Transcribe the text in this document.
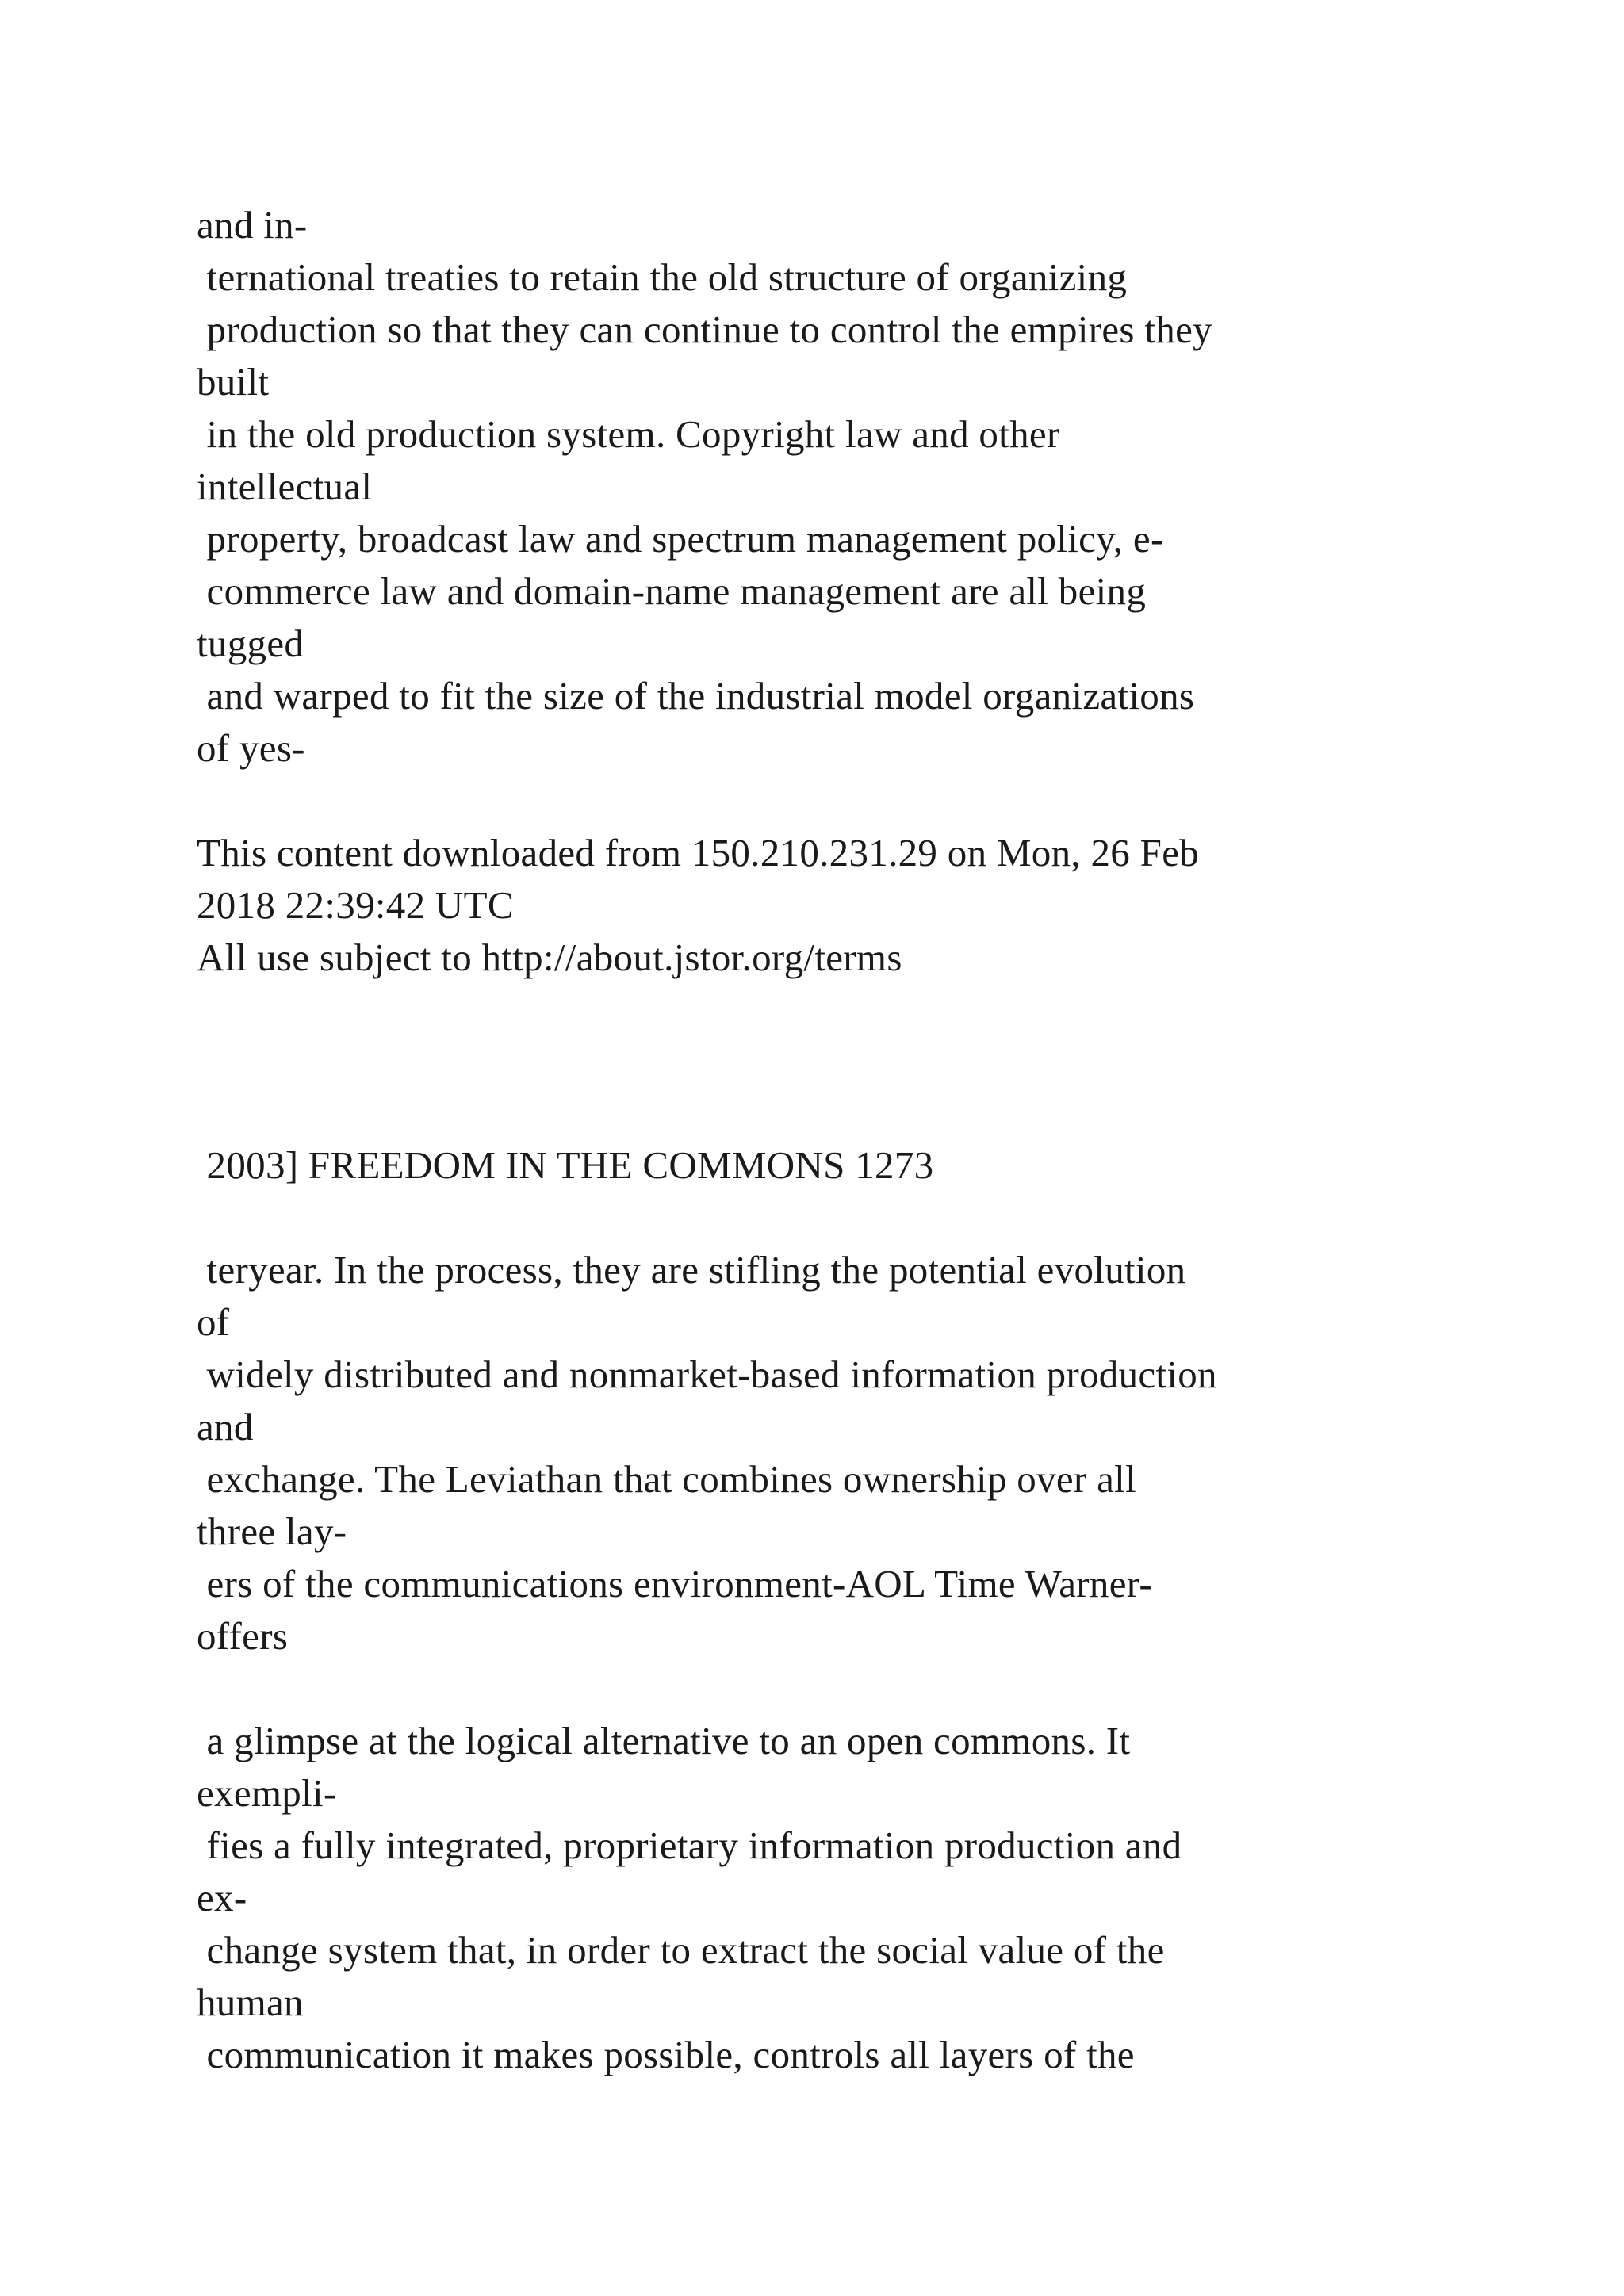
and in-
ternational treaties to retain the old structure of organizing
production so that they can continue to control the empires they
built
in the old production system. Copyright law and other
intellectual
property, broadcast law and spectrum management policy, e-
commerce law and domain-name management are all being
tugged
and warped to fit the size of the industrial model organizations
of yes-
This content downloaded from 150.210.231.29 on Mon, 26 Feb
2018 22:39:42 UTC
All use subject to http://about.jstor.org/terms
2003] FREEDOM IN THE COMMONS 1273
teryear. In the process, they are stifling the potential evolution
of
widely distributed and nonmarket-based information production
and
exchange. The Leviathan that combines ownership over all
three lay-
ers of the communications environment-AOL Time Warner-
offers
a glimpse at the logical alternative to an open commons. It
exempli-
fies a fully integrated, proprietary information production and
ex-
change system that, in order to extract the social value of the
human
communication it makes possible, controls all layers of the
